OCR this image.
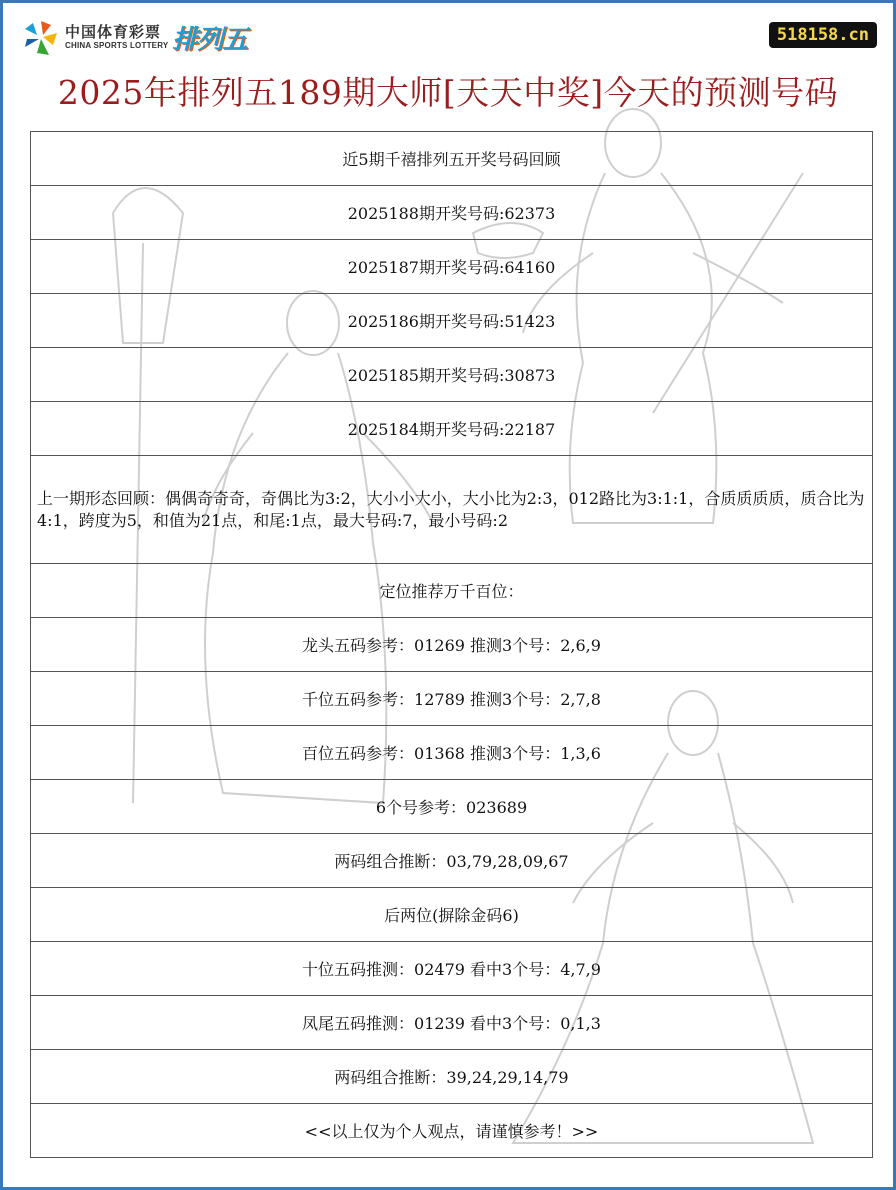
中国体育彩票
CHINA SPORTS LOTTERY 排列五	518158.cn
2025年排列五189期大师[天天中奖]今天的预测号码
近5期千禧排列五开奖号码回顾
2025188期开奖号码:62373
2025187期开奖号码:64160
2025186期开奖号码:51423
2025185期开奖号码:30873
2025184期开奖号码:22187
上一期形态回顾：偶偶奇奇奇，奇偶比为3:2，大小小大小，大小比为2:3，012路比为3:1:1，合质质质质，质合比为4:1，跨度为5，和值为21点，和尾:1点，最大号码:7，最小号码:2
定位推荐万千百位：
龙头五码参考：01269 推测3个号：2,6,9
千位五码参考：12789 推测3个号：2,7,8
百位五码参考：01368 推测3个号：1,3,6
6个号参考：023689
两码组合推断：03,79,28,09,67
后两位(摒除金码6)
十位五码推测：02479 看中3个号：4,7,9
凤尾五码推测：01239 看中3个号：0,1,3
两码组合推断：39,24,29,14,79
<<以上仅为个人观点，请谨慎参考！>>
